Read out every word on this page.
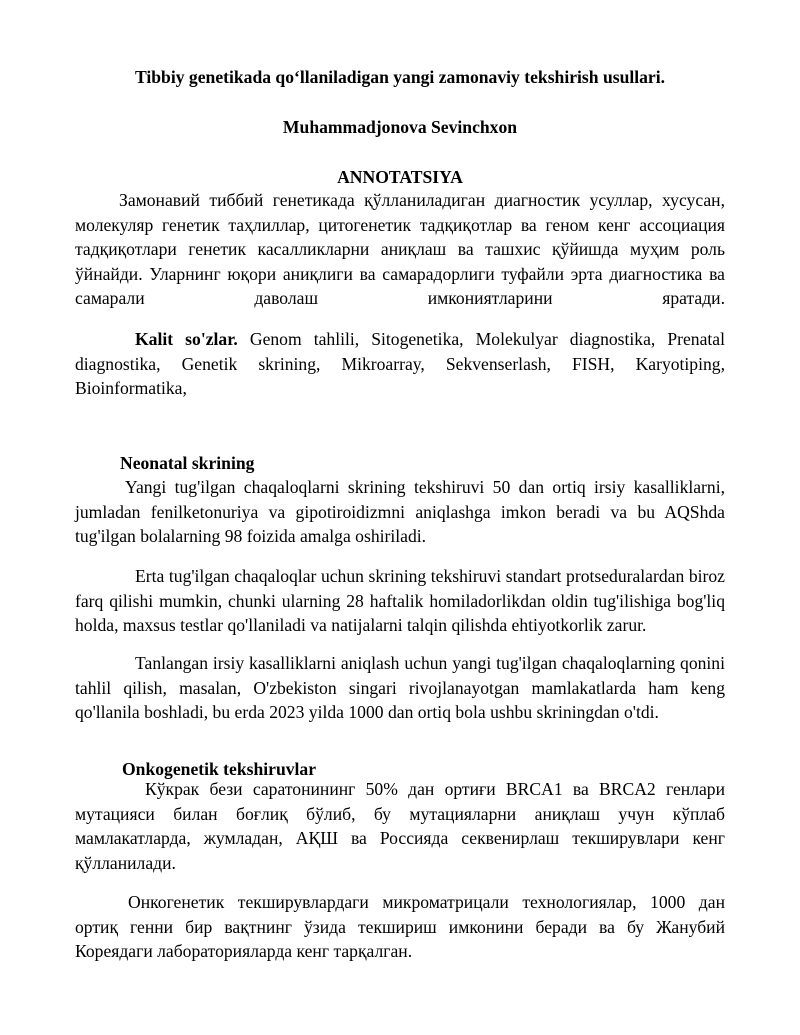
Tibbiy genetikada qoʻllaniladigan yangi zamonaviy tekshirish usullari.
Muhammadjonova Sevinchxon
ANNOTATSIYA

Замонавий тиббий генетикада қўлланиладиган диагностик усуллар, хусусан, молекуляр генетик таҳлиллар, цитогенетик тадқиқотлар ва геном кенг ассоциация тадқиқотлари генетик касалликларни аниқлаш ва ташхис қўйишда муҳим роль ўйнайди. Уларнинг юқори аниқлиги ва самарадорлиги туфайли эрта диагностика ва самарали даволаш имкониятларини яратади.

Kalit so'zlar. Genom tahlili, Sitogenetika, Molekulyar diagnostika, Prenatal diagnostika, Genetik skrining, Mikroarray, Sekvenserlash, FISH, Karyotiping, Bioinformatika,

Neonatal skrining

Yangi tug'ilgan chaqaloqlarni skrining tekshiruvi 50 dan ortiq irsiy kasalliklarni, jumladan fenilketonuriya va gipotiroidizmni aniqlashga imkon beradi va bu AQShda tug'ilgan bolalarning 98 foizida amalga oshiriladi.

Erta tug'ilgan chaqaloqlar uchun skrining tekshiruvi standart protseduralardan biroz farq qilishi mumkin, chunki ularning 28 haftalik homiladorlikdan oldin tug'ilishiga bog'liq holda, maxsus testlar qo'llaniladi va natijalarni talqin qilishda ehtiyotkorlik zarur.

Tanlangan irsiy kasalliklarni aniqlash uchun yangi tug'ilgan chaqaloqlarning qonini tahlil qilish, masalan, O'zbekiston singari rivojlanayotgan mamlakatlarda ham keng qo'llanila boshladi, bu erda 2023 yilda 1000 dan ortiq bola ushbu skriningdan o'tdi.

Onkogenetik tekshiruvlar

Кўкрак бези саратонининг 50% дан ортиғи BRCA1 ва BRCA2 генлари мутацияси билан боғлиқ бўлиб, бу мутацияларни аниқлаш учун кўплаб мамлакатларда, жумладан, АҚШ ва Россияда секвенирлаш текширувлари кенг қўлланилади.

Онкогенетик текширувлардаги микроматрицали технологиялар, 1000 дан ортиқ генни бир вақтнинг ўзида текшириш имконини беради ва бу Жанубий Кореядаги лабораторияларда кенг тарқалган.
